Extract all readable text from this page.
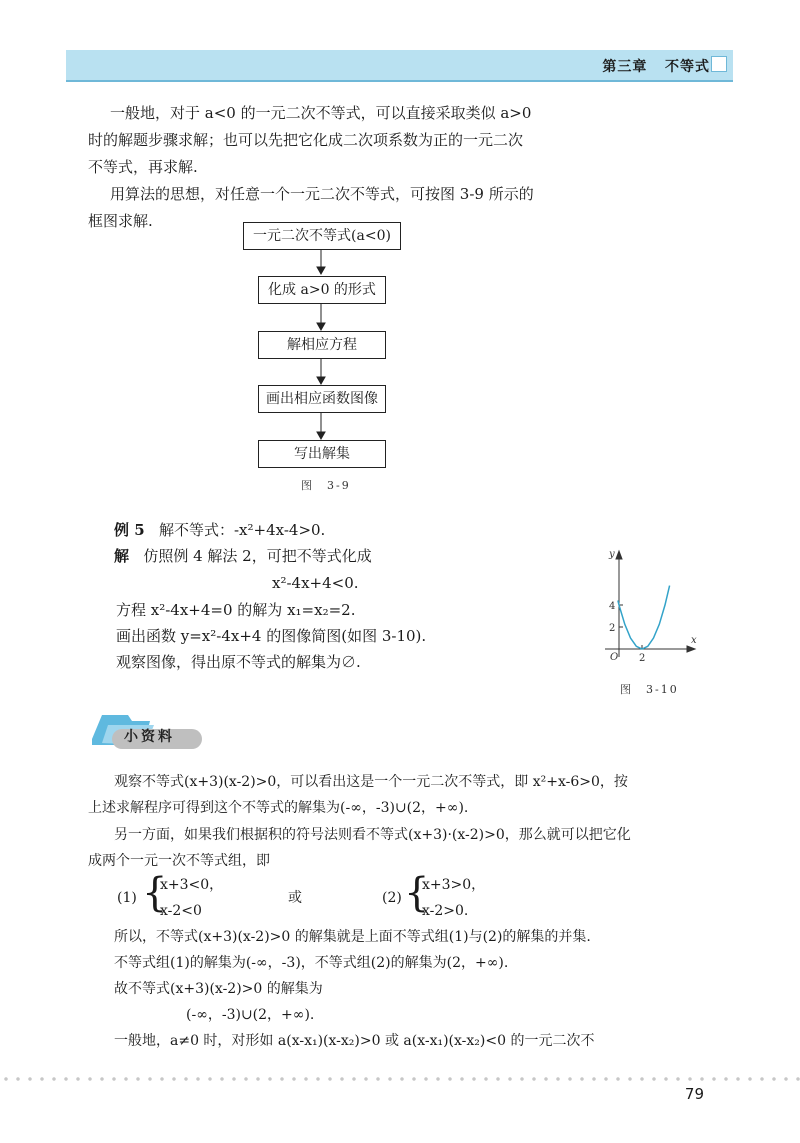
第三章 不等式
一般地，对于 a<0 的一元二次不等式，可以直接采取类似 a>0
时的解题步骤求解；也可以先把它化成二次项系数为正的一元二次
不等式，再求解.
用算法的思想，对任意一个一元二次不等式，可按图 3-9 所示的
框图求解.
一元二次不等式(a<0)
化成 a>0 的形式
解相应方程
画出相应函数图像
写出解集
图　3-9
例 5 解不等式：-x²+4x-4>0.
解 仿照例 4 解法 2，可把不等式化成
x²-4x+4<0.
方程 x²-4x+4=0 的解为 x₁=x₂=2.
画出函数 y=x²-4x+4 的图像简图(如图 3-10).
观察图像，得出原不等式的解集为∅.
y
x
O 2
4
2
图　3-10
小资料
观察不等式(x+3)(x-2)>0，可以看出这是一个一元二次不等式，即 x²+x-6>0，按
上述求解程序可得到这个不等式的解集为(-∞，-3)∪(2，+∞).
另一方面，如果我们根据积的符号法则看不等式(x+3)·(x-2)>0，那么就可以把它化
成两个一元一次不等式组，即
(1) {
x+3<0，
x-2<0
或	(2) {
x+3>0，
x-2>0.
所以，不等式(x+3)(x-2)>0 的解集就是上面不等式组(1)与(2)的解集的并集.
不等式组(1)的解集为(-∞，-3)，不等式组(2)的解集为(2，+∞).
故不等式(x+3)(x-2)>0 的解集为
(-∞，-3)∪(2，+∞).
一般地，a≠0 时，对形如 a(x-x₁)(x-x₂)>0 或 a(x-x₁)(x-x₂)<0 的一元二次不
79
